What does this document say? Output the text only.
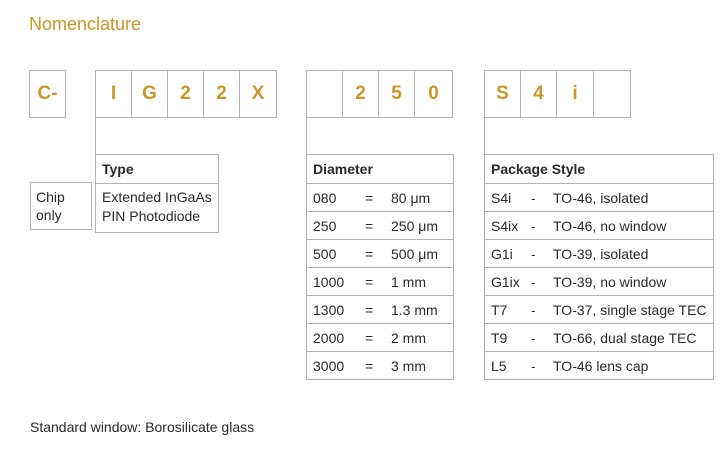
Nomenclature
C-	I	G	2	2	X	2	5	0	S	4	i
Chip
only
Type

Extended InGaAs
PIN Photodiode
Diameter

080	=	80 μm

250	=	250 μm

500	=	500 μm

1000	=	1 mm

1300	=	1.3 mm

2000	=	2 mm

3000	=	3 mm
Package Style

S4i	-	TO-46, isolated

S4ix -	TO-46, no window

G1i	-	TO-39, isolated

G1ix -	TO-39, no window

T7	-	TO-37, single stage TEC

T9	-	TO-66, dual stage TEC

L5	-	TO-46 lens cap
Standard window: Borosilicate glass
